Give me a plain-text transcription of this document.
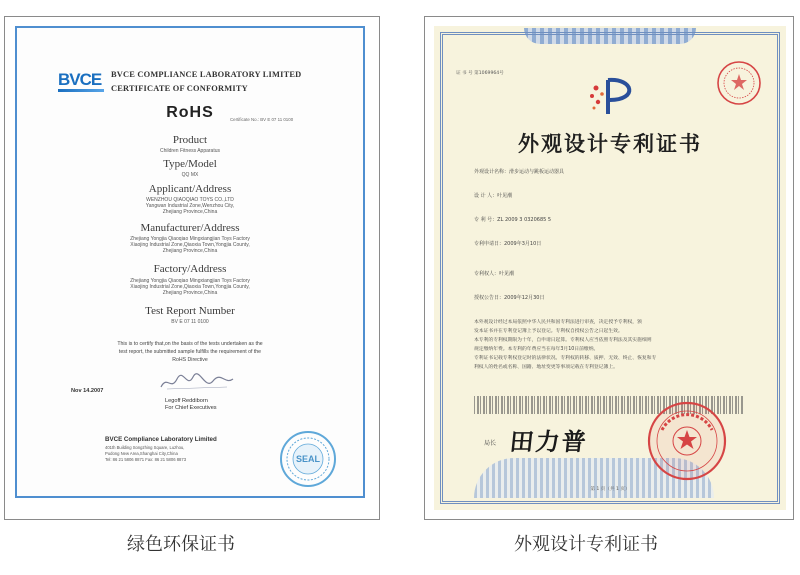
BVCE	BVCE COMPLIANCE LABORATORY LIMITED
CERTIFICATE OF CONFORMITY
RoHS	Certificate No.: BV E 07 11 0100
Product
Children Fitness Apparatus
Type/Model
QQ MX
Applicant/Address
WENZHOU QIAOQIAO TOYS CO.,LTD
Yangwan Industrial Zone,Wenzhou City,
Zhejiang Province,China
Manufacturer/Address
Zhejiang Yongjia Qiaoqiao Mingxiangjian Toys Factory
Xiaojing Industrial Zone,Qiaoxia Town,Yongjia County,
Zhejiang Province,China
Factory/Address
Zhejiang Yongjia Qiaoqiao Mingxiangjian Toys Factory
Xiaojing Industrial Zone,Qiaoxia Town,Yongjia County,
Zhejiang Province,China
Test Report Number
BV E 07 11 0100
This is to certify that,on the basis of the tests undertaken as the
test report, the submitted sample fulfills the requirement of the
RoHS Directive
Nov 14.2007
Legoff Reddiborn
For Chief Executives
BVCE Compliance Laboratory Limited
401th Building Songzhing Square, Luzhou,
Pudong New Area,Shanghai City,China
Tel: 86 21 5806 8871 Fax: 86 21 5806 8873	SEAL
证 书 号 第1069964号
外观设计专利证书
外观设计名称：滑步运动与跳板运动器具
设 计 人：叶见潮
专 利 号：ZL 2009 3 0320685 5
专利申请日：2009年3月10日
专利权人：叶见潮
授权公告日：2009年12月30日
本外观设计经过本局依照中华人民共和国专利法进行审查，决定授予专利权，颁
发本证书并在专利登记簿上予以登记。专利权自授权公告之日起生效。
本专利的专利权期限为十年，自申请日起算。专利权人应当依照专利法及其实施细则
规定缴纳年费。本专利的年费应当在每年3月10日前缴纳。
专利证书记载专利权登记时的法律状况。专利权的转移、质押、无效、终止、恢复和专
利权人的姓名或名称、国籍、地址变更等事项记载在专利登记簿上。
局长 田力普
第 1 页（共 1 页）
绿色环保证书	外观设计专利证书
